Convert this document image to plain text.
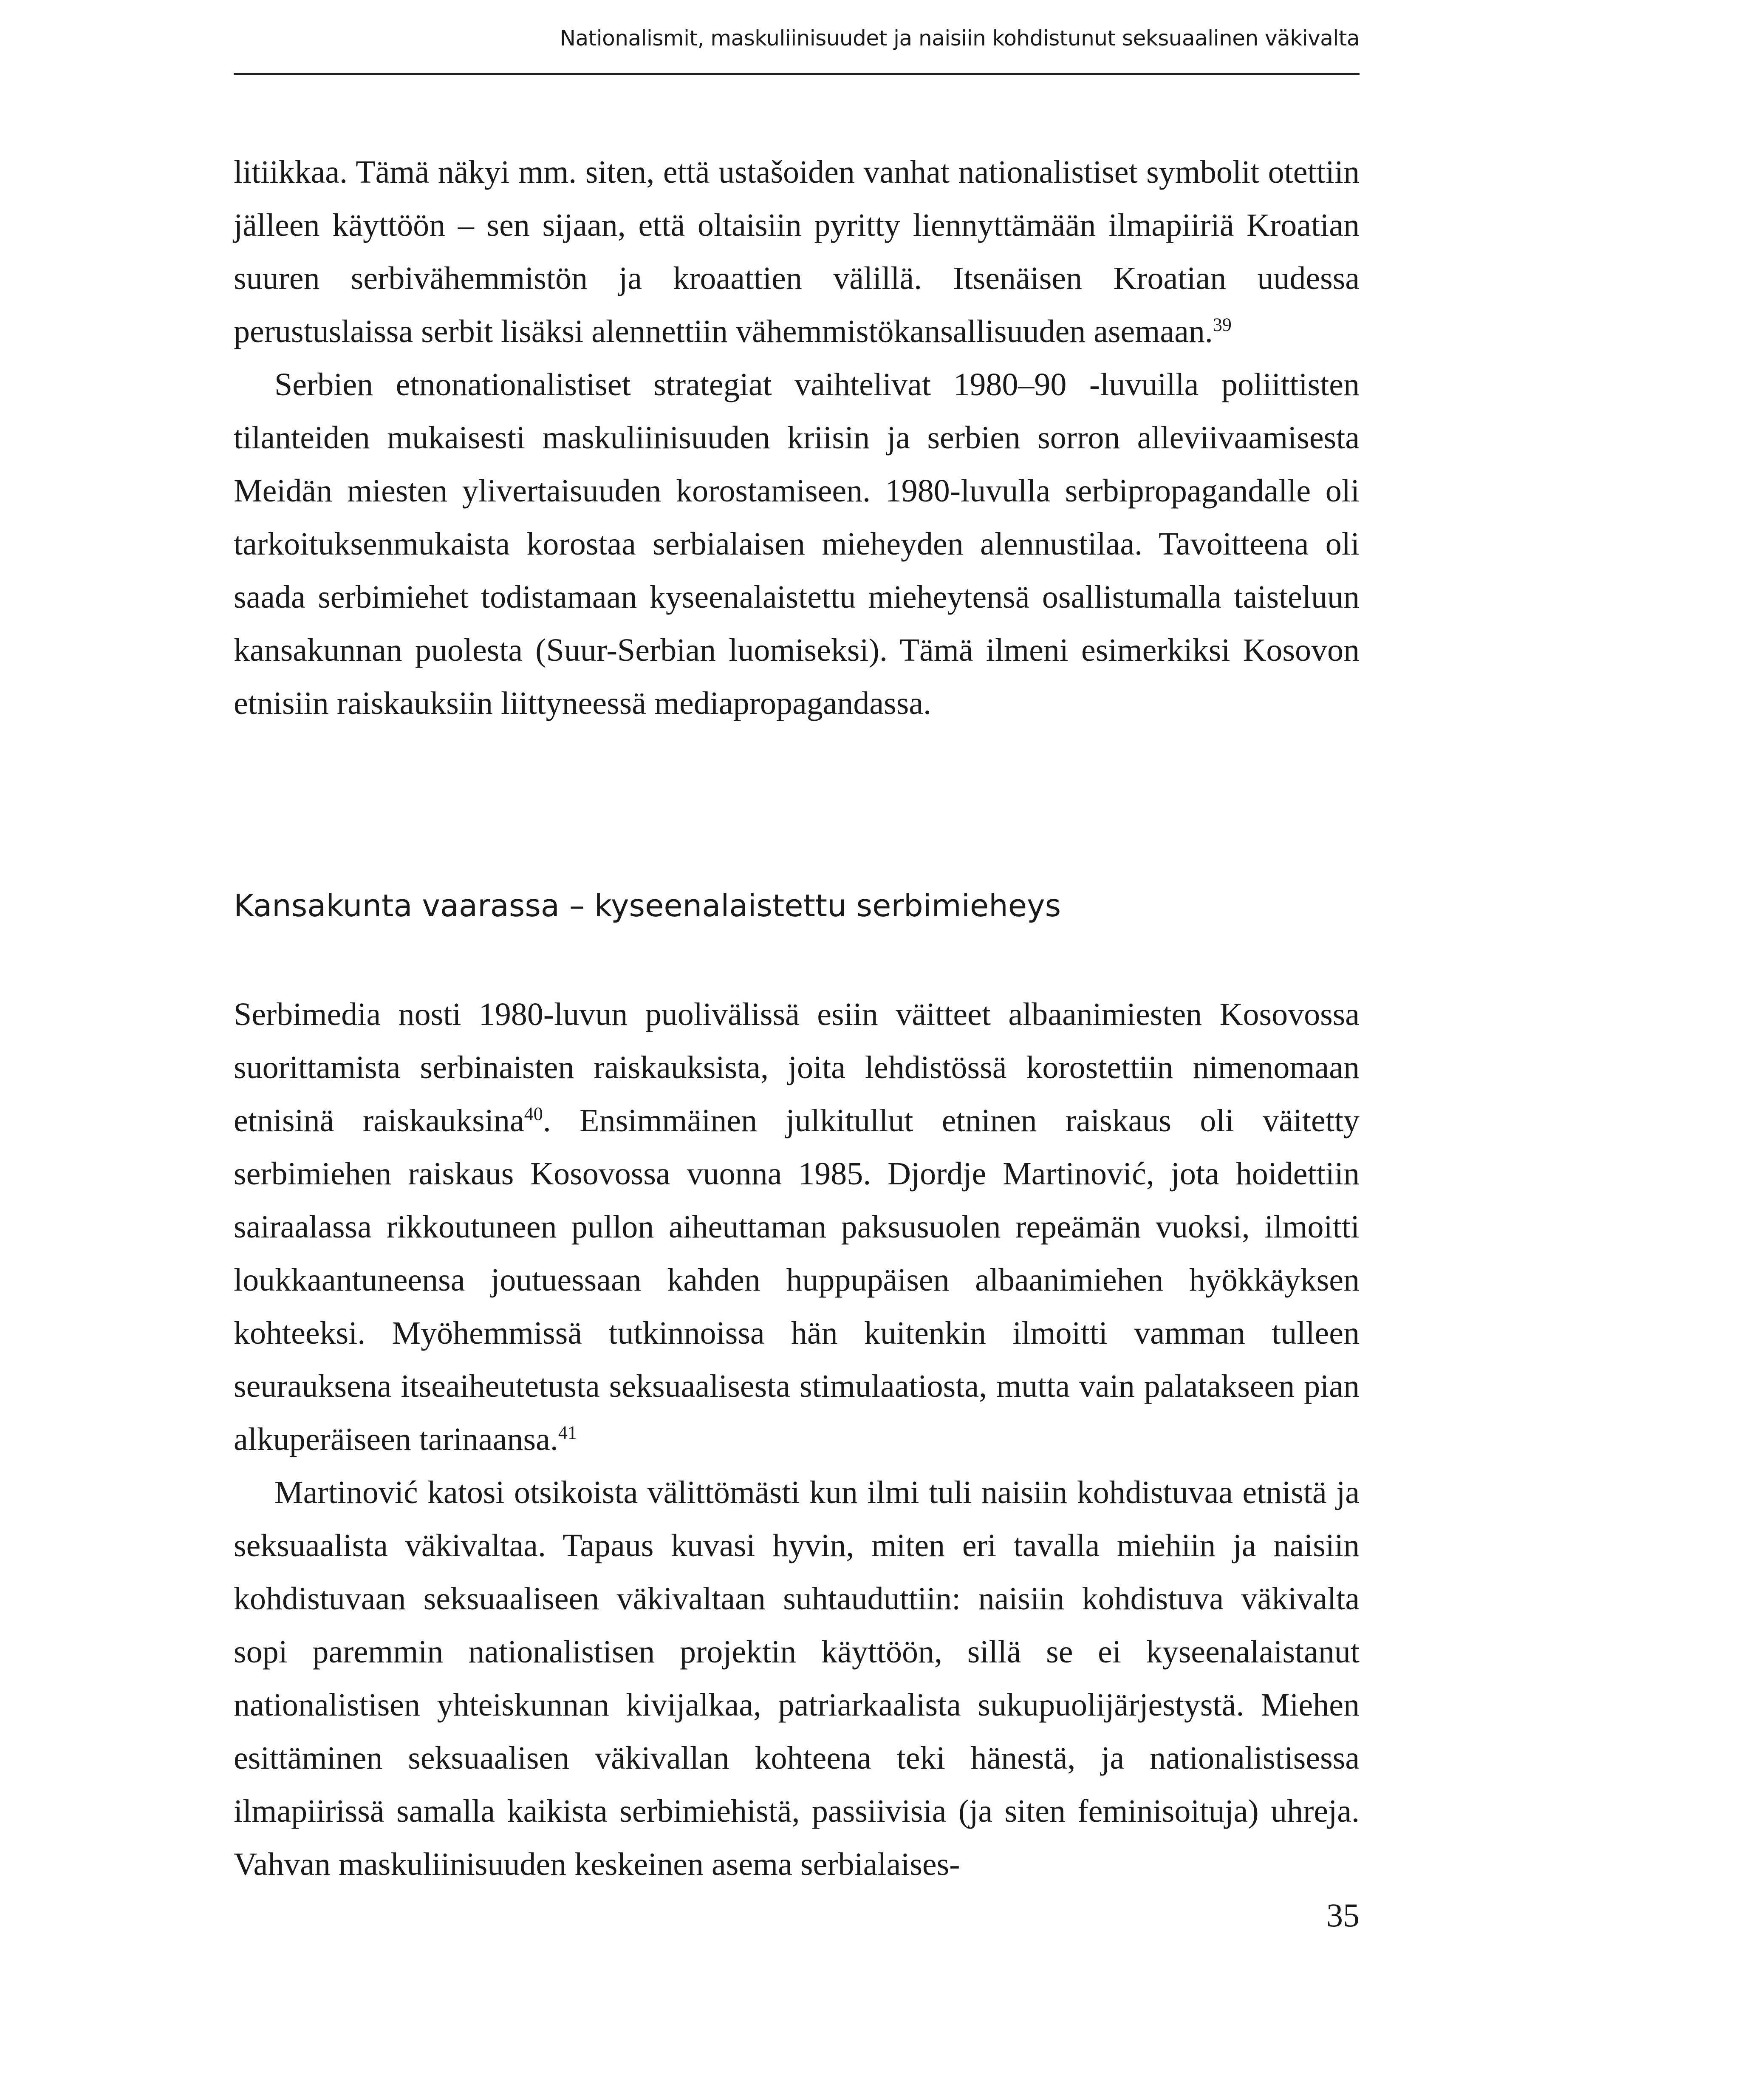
Nationalismit, maskuliinisuudet ja naisiin kohdistunut seksuaalinen väkivalta

litiikkaa. Tämä näkyi mm. siten, että ustašoiden vanhat nationalistiset symbolit otettiin jälleen käyttöön – sen sijaan, että oltaisiin pyritty liennyttämään ilmapiiriä Kroatian suuren serbivähemmistön ja kroaattien välillä. Itsenäisen Kroatian uudessa perustuslaissa serbit lisäksi alennettiin vähemmistökansallisuuden asemaan.$^{39}$

Serbien etnonationalistiset strategiat vaihtelivat 1980–90 -luvuilla poliittisten tilanteiden mukaisesti maskuliinisuuden kriisin ja serbien sorron alleviivaamisesta Meidän miesten ylivertaisuuden korostamiseen. 1980-luvulla serbipropagandalle oli tarkoituksenmukaista korostaa serbialaisen mieheyden alennustilaa. Tavoitteena oli saada serbimiehet todistamaan kyseenalaistettu mieheytensä osallistumalla taisteluun kansakunnan puolesta (Suur-Serbian luomiseksi). Tämä ilmeni esimerkiksi Kosovon etnisiin raiskauksiin liittyneessä mediapropagandassa.

Kansakunta vaarassa – kyseenalaistettu serbimieheys

Serbimedia nosti 1980-luvun puolivälissä esiin väitteet albaanimiesten Kosovossa suorittamista serbinaisten raiskauksista, joita lehdistössä korostettiin nimenomaan etnisinä raiskauksina$^{40}$. Ensimmäinen julkitullut etninen raiskaus oli väitetty serbimiehen raiskaus Kosovossa vuonna 1985. Djordje Martinović, jota hoidettiin sairaalassa rikkoutuneen pullon aiheuttaman paksusuolen repeämän vuoksi, ilmoitti loukkaantuneensa joutuessaan kahden huppupäisen albaanimiehen hyökkäyksen kohteeksi. Myöhemmissä tutkinnoissa hän kuitenkin ilmoitti vamman tulleen seurauksena itseaiheutetusta seksuaalisesta stimulaatiosta, mutta vain palatakseen pian alkuperäiseen tarinaansa.$^{41}$

Martinović katosi otsikoista välittömästi kun ilmi tuli naisiin kohdistuvaa etnistä ja seksuaalista väkivaltaa. Tapaus kuvasi hyvin, miten eri tavalla miehiin ja naisiin kohdistuvaan seksuaaliseen väkivaltaan suhtauduttiin: naisiin kohdistuva väkivalta sopi paremmin nationalistisen projektin käyttöön, sillä se ei kyseenalaistanut nationalistisen yhteiskunnan kivijalkaa, patriarkaalista sukupuolijärjestystä. Miehen esittäminen seksuaalisen väkivallan kohteena teki hänestä, ja nationalistisessa ilmapiirissä samalla kaikista serbimiehistä, passiivisia (ja siten feminisoituja) uhreja. Vahvan maskuliinisuuden keskeinen asema serbialaises-

35
